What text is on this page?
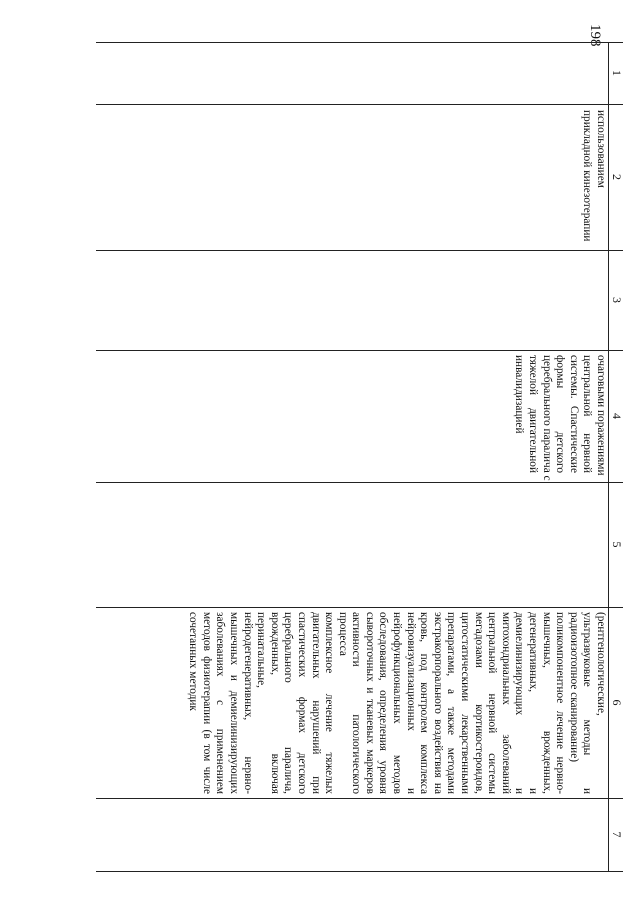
198
1
2
3
4
5
6
7
использованием
прикладной кинезотерапии
очаговыми поражениями
центральной нервной
системы. Спастические
формы детского
церебрального паралича с
тяжелой двигательной
инвалидизацией
(рентгенологические,
ультразвуковые методы и
радиоизотопное сканирование)
поликомпонентное лечение нервно-
мышечных, врожденных,
дегенеративных, и
демиелинизирующих и
митохондриальных заболеваний
центральной нервной системы
мегадозами кортикостероидов,
цитостатическими лекарственными
препаратами, а также методами
экстракорпорального воздействия на
кровь, под контролем комплекса
нейровизуализационных и
нейрофункциональных методов
обследования, определения уровня
сывороточных и тканевых маркеров
активности патологического
процесса
комплексное лечение тяжелых
двигательных нарушений при
спастических формах детского
церебрального паралича,
врожденных, включая
перинатальные,
нейродегенеративных, нервно-
мышечных и демиелинизирующих
заболеваниях с применением
методов физиотерапии (в том числе
сочетанных методик
